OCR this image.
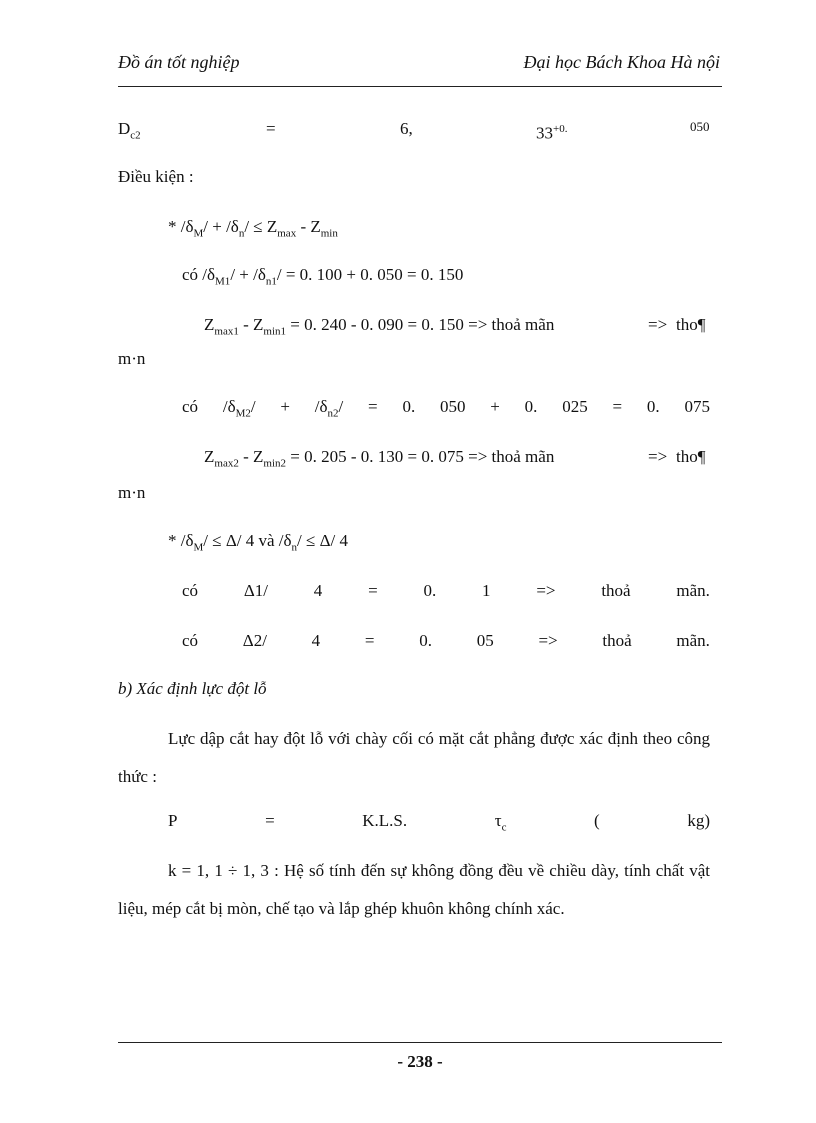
Đồ án tốt nghiệp	Đại học Bách Khoa Hà nội
$D_{c2}$	=	6,	$33^{+0.}$	050
Điều kiện :
* $/\delta_M/ + /\delta_n/ \le Z_{max} - Z_{min}$
có $/\delta_{M1}/ + /\delta_{n1}/ = 0$. 100 + 0. 050 = 0. 150
$Z_{max1} - Z_{min1} = 0$. 240 - 0. 090 = 0. 150 => thoả mãn	=> tho¶
m·n
có $/\delta_{M2}/ + /\delta_{n2}/ = 0$. 050 + 0. 025 = 0. 075
$Z_{max2} - Z_{min2} = 0$. 205 - 0. 130 = 0. 075 => thoả mãn	=> tho¶
m·n
* $/\delta_M/ \le \Delta/$ 4 và $/\delta_n/ \le \Delta/$ 4
có	Δ1/	4	=	0.	1	=>	thoả	mãn.
có	Δ2/	4	=	0.	05	=>	thoả	mãn.
b) Xác định lực đột lỗ
Lực dập cắt hay đột lỗ với chày cối có mặt cắt phẳng được xác định theo công thức :
P	=	K.L.S.	$\tau_c$	(	kg)
k = 1, 1 ÷ 1, 3 : Hệ số tính đến sự không đồng đều về chiều dày, tính chất vật liệu, mép cắt bị mòn, chế tạo và lắp ghép khuôn không chính xác.
- 238 -
